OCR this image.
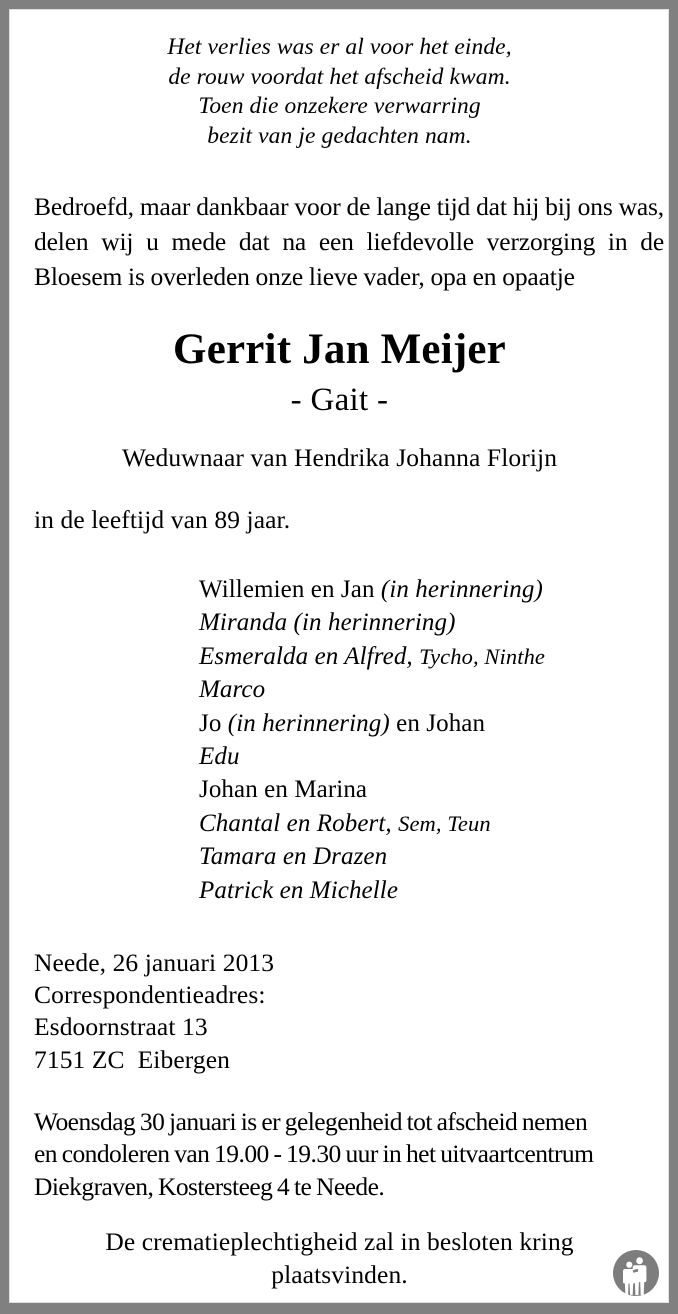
Het verlies was er al voor het einde,
de rouw voordat het afscheid kwam.
Toen die onzekere verwarring
bezit van je gedachten nam.

Bedroefd, maar dankbaar voor de lange tijd dat hij bij ons was, delen wij u mede dat na een liefdevolle verzorging in de Bloesem is overleden onze lieve vader, opa en opaatje

Gerrit Jan Meijer
- Gait -
Weduwnaar van Hendrika Johanna Florijn
in de leeftijd van 89 jaar.
Willemien en Jan (in herinnering)
Miranda (in herinnering)
Esmeralda en Alfred, Tycho, Ninthe
Marco
Jo (in herinnering) en Johan
Edu
Johan en Marina
Chantal en Robert, Sem, Teun
Tamara en Drazen
Patrick en Michelle
Neede, 26 januari 2013
Correspondentieadres:
Esdoornstraat 13
7151 ZC  Eibergen
Woensdag 30 januari is er gelegenheid tot afscheid nemen
en condoleren van 19.00 - 19.30 uur in het uitvaartcentrum
Diekgraven, Kostersteeg 4 te Neede.
De crematieplechtigheid zal in besloten kring
plaatsvinden.
